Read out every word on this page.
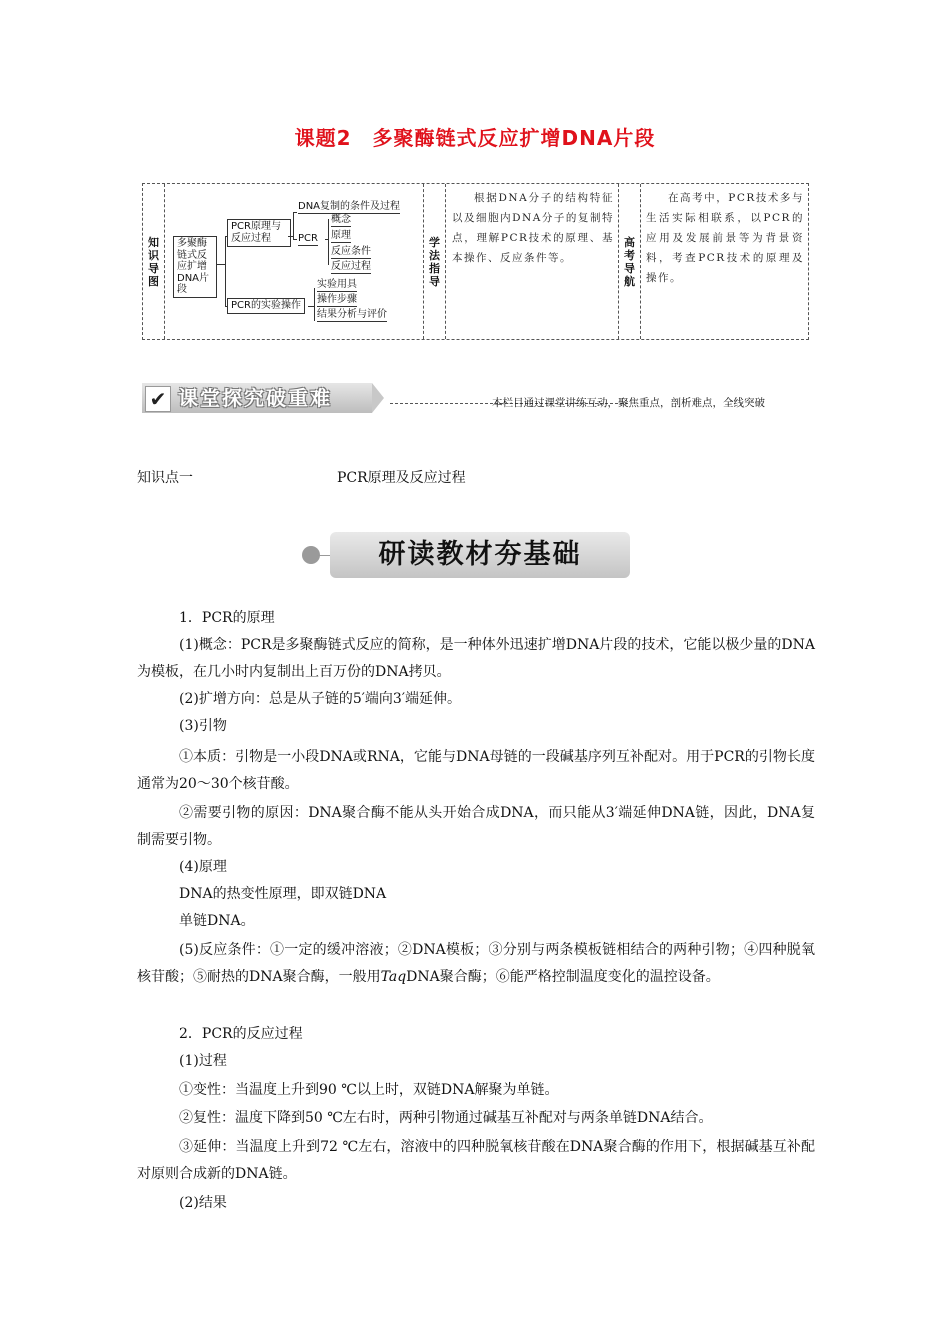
课题2　多聚酶链式反应扩增DNA片段
知
识
导
图
学
法
指
导
高
考
导
航
多聚酶链式反应扩增DNA片段
PCR原理与反应过程
PCR的实验操作
DNA复制的条件及过程
PCR
概念
原理
反应条件
反应过程
实验用具
操作步骤
结果分析与评价
根据DNA分子的结构特征以及细胞内DNA分子的复制特点，理解PCR技术的原理、基本操作、反应条件等。
在高考中，PCR技术多与生活实际相联系，以PCR的应用及发展前景等为背景资料，考查PCR技术的原理及操作。
✔ 课堂探究破重难	本栏目通过课堂讲练互动，聚焦重点，剖析难点，全线突破
知识点一	PCR原理及反应过程
研读教材夯基础
1．PCR的原理
(1)概念：PCR是多聚酶链式反应的简称，是一种体外迅速扩增DNA片段的技术，它能以极少量的DNA为模板，在几小时内复制出上百万份的DNA拷贝。
(2)扩增方向：总是从子链的5′端向3′端延伸。
(3)引物
①本质：引物是一小段DNA或RNA，它能与DNA母链的一段碱基序列互补配对。用于PCR的引物长度通常为20～30个核苷酸。
②需要引物的原因：DNA聚合酶不能从头开始合成DNA，而只能从3′端延伸DNA链，因此，DNA复制需要引物。
(4)原理
DNA的热变性原理，即双链DNA
单链DNA。
(5)反应条件：①一定的缓冲溶液；②DNA模板；③分别与两条模板链相结合的两种引物；④四种脱氧核苷酸；⑤耐热的DNA聚合酶，一般用TaqDNA聚合酶；⑥能严格控制温度变化的温控设备。
2．PCR的反应过程
(1)过程
①变性：当温度上升到90 ℃以上时，双链DNA解聚为单链。
②复性：温度下降到50 ℃左右时，两种引物通过碱基互补配对与两条单链DNA结合。
③延伸：当温度上升到72 ℃左右，溶液中的四种脱氧核苷酸在DNA聚合酶的作用下，根据碱基互补配对原则合成新的DNA链。
(2)结果
